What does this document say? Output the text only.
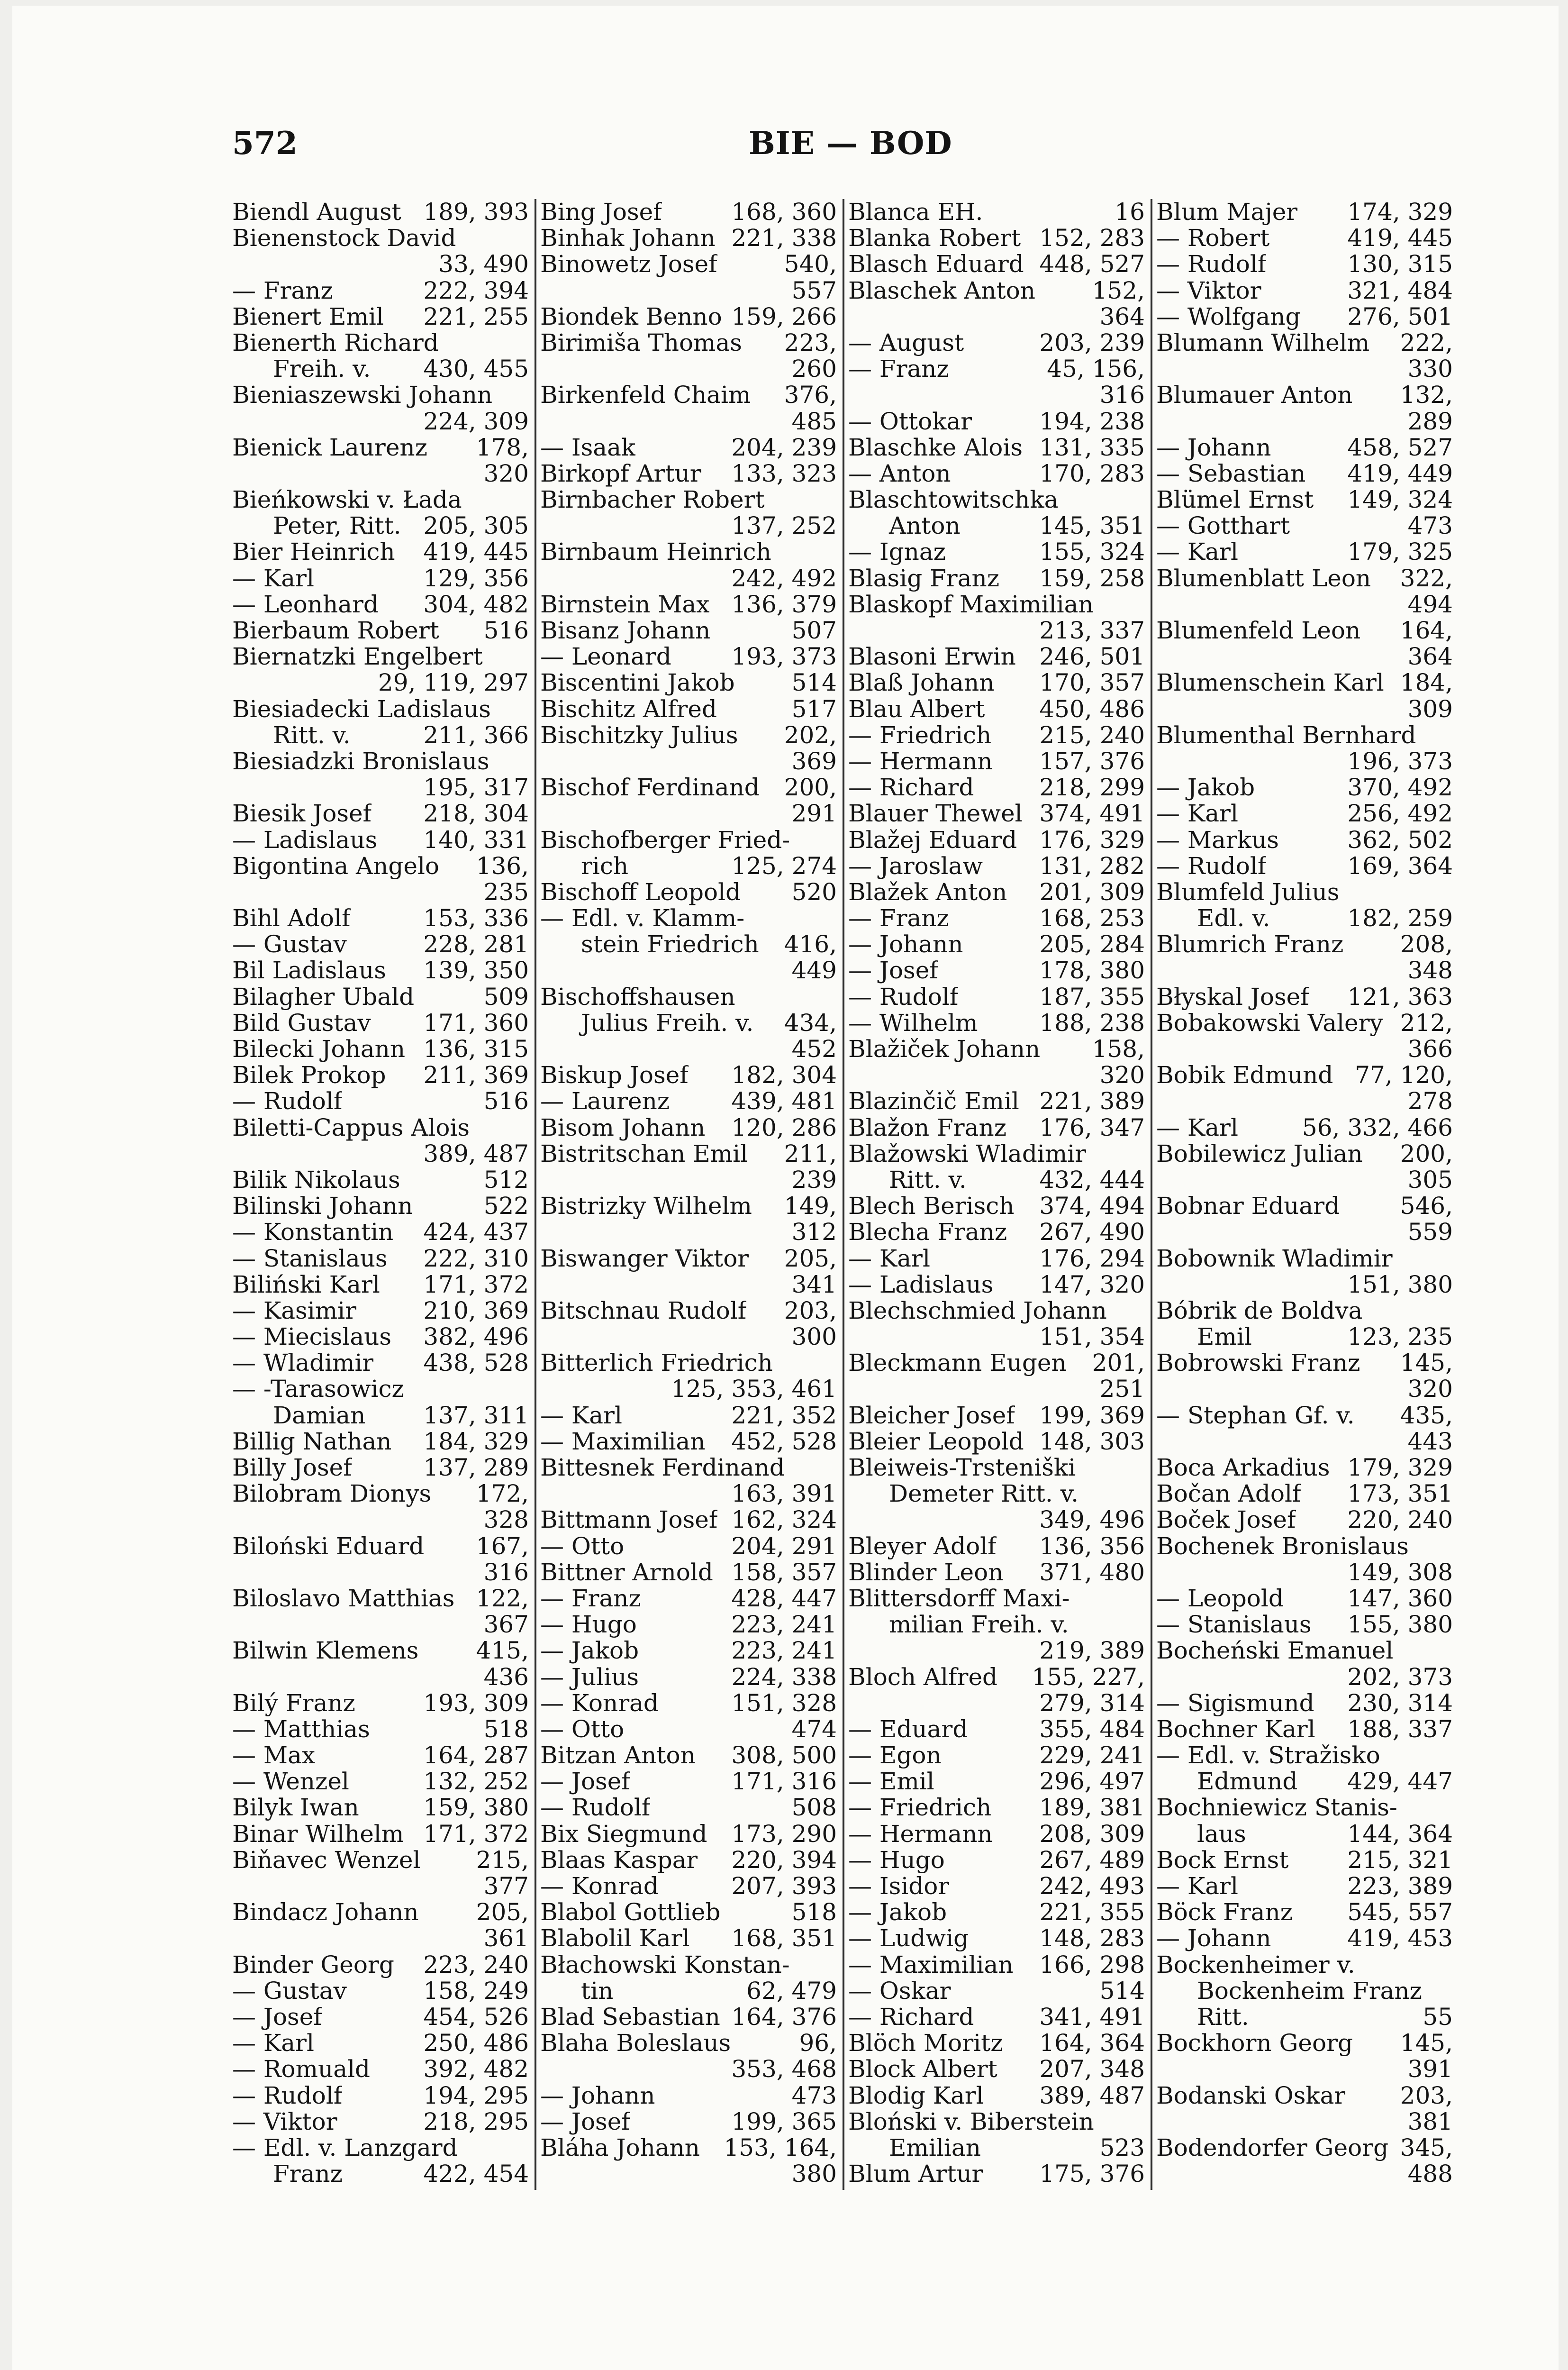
572	BIE — BOD
Biendl August 189, 393
Bienenstock David
33, 490
— Franz	222, 394
Bienert Emil 221, 255
Bienerth Richard
Freih. v. 430, 455
Bieniaszewski Johann
224, 309
Bienick Laurenz 178,
320
Bieńkowski v. Łada
Peter, Ritt. 205, 305
Bier Heinrich 419, 445
— Karl	129, 356
— Leonhard 304, 482
Bierbaum Robert 516
Biernatzki Engelbert
29, 119, 297
Biesiadecki Ladislaus
Ritt. v.	211, 366
Biesiadzki Bronislaus
195, 317
Biesik Josef 218, 304
— Ladislaus 140, 331
Bigontina Angelo 136,
235
Bihl Adolf	153, 336
— Gustav	228, 281
Bil Ladislaus 139, 350
Bilagher Ubald	509
Bild Gustav 171, 360
Bilecki Johann 136, 315
Bilek Prokop 211, 369
— Rudolf	516
Biletti-Cappus Alois
389, 487
Bilik Nikolaus	512
Bilinski Johann	522
— Konstantin 424, 437
— Stanislaus 222, 310
Biliński Karl 171, 372
— Kasimir	210, 369
— Miecislaus 382, 496
— Wladimir 438, 528
— -Tarasowicz
Damian 137, 311
Billig Nathan 184, 329
Billy Josef	137, 289
Bilobram Dionys 172,
328
Biloński Eduard 167,
316
Biloslavo Matthias 122,
367
Bilwin Klemens 415,
436
Bilý Franz	193, 309
— Matthias	518
— Max	164, 287
— Wenzel	132, 252
Bilyk Iwan	159, 380
Binar Wilhelm 171, 372
Biňavec Wenzel 215,
377
Bindacz Johann 205,
361
Binder Georg 223, 240
— Gustav	158, 249
— Josef	454, 526
— Karl	250, 486
— Romuald 392, 482
— Rudolf	194, 295
— Viktor	218, 295
— Edl. v. Lanzgard
Franz	422, 454
Bing Josef	168, 360
Binhak Johann 221, 338
Binowetz Josef	540,
557
Biondek Benno 159, 266
Birimiša Thomas 223,
260
Birkenfeld Chaim 376,
485
— Isaak	204, 239
Birkopf Artur 133, 323
Birnbacher Robert
137, 252
Birnbaum Heinrich
242, 492
Birnstein Max 136, 379
Bisanz Johann	507
— Leonard	193, 373
Biscentini Jakob 514
Bischitz Alfred	517
Bischitzky Julius 202,
369
Bischof Ferdinand 200,
291
Bischofberger Fried-
rich	125, 274
Bischoff Leopold 520
— Edl. v. Klamm-
stein Friedrich 416,
449
Bischoffshausen
Julius Freih. v. 434,
452
Biskup Josef 182, 304
— Laurenz	439, 481
Bisom Johann 120, 286
Bistritschan Emil 211,
239
Bistrizky Wilhelm 149,
312
Biswanger Viktor 205,
341
Bitschnau Rudolf 203,
300
Bitterlich Friedrich
125, 353, 461
— Karl	221, 352
— Maximilian 452, 528
Bittesnek Ferdinand
163, 391
Bittmann Josef 162, 324
— Otto	204, 291
Bittner Arnold 158, 357
— Franz	428, 447
— Hugo	223, 241
— Jakob	223, 241
— Julius	224, 338
— Konrad	151, 328
— Otto	474
Bitzan Anton 308, 500
— Josef	171, 316
— Rudolf	508
Bix Siegmund 173, 290
Blaas Kaspar 220, 394
— Konrad	207, 393
Blabol Gottlieb	518
Blabolil Karl 168, 351
Błachowski Konstan-
tin	62, 479
Blad Sebastian 164, 376
Blaha Boleslaus	96,
353, 468
— Johann	473
— Josef	199, 365
Bláha Johann 153, 164,
380
Blanca EH.	16
Blanka Robert 152, 283
Blasch Eduard 448, 527
Blaschek Anton 152,
364
— August	203, 239
— Franz	45, 156,
316
— Ottokar	194, 238
Blaschke Alois 131, 335
— Anton	170, 283
Blaschtowitschka
Anton	145, 351
— Ignaz	155, 324
Blasig Franz 159, 258
Blaskopf Maximilian
213, 337
Blasoni Erwin 246, 501
Blaß Johann 170, 357
Blau Albert 450, 486
— Friedrich 215, 240
— Hermann 157, 376
— Richard	218, 299
Blauer Thewel 374, 491
Blažej Eduard 176, 329
— Jaroslaw 131, 282
Blažek Anton 201, 309
— Franz	168, 253
— Johann	205, 284
— Josef	178, 380
— Rudolf	187, 355
— Wilhelm	188, 238
Blažiček Johann 158,
320
Blazinčič Emil 221, 389
Blažon Franz 176, 347
Blažowski Wladimir
Ritt. v.	432, 444
Blech Berisch 374, 494
Blecha Franz 267, 490
— Karl	176, 294
— Ladislaus 147, 320
Blechschmied Johann
151, 354
Bleckmann Eugen 201,
251
Bleicher Josef 199, 369
Bleier Leopold 148, 303
Bleiweis-Trsteniški
Demeter Ritt. v.
349, 496
Bleyer Adolf 136, 356
Blinder Leon 371, 480
Blittersdorff Maxi-
milian Freih. v.
219, 389
Bloch Alfred 155, 227,
279, 314
— Eduard	355, 484
— Egon	229, 241
— Emil	296, 497
— Friedrich 189, 381
— Hermann 208, 309
— Hugo	267, 489
— Isidor	242, 493
— Jakob	221, 355
— Ludwig	148, 283
— Maximilian 166, 298
— Oskar	514
— Richard	341, 491
Blöch Moritz 164, 364
Block Albert 207, 348
Blodig Karl 389, 487
Bloński v. Biberstein
Emilian	523
Blum Artur 175, 376
Blum Majer 174, 329
— Robert	419, 445
— Rudolf	130, 315
— Viktor	321, 484
— Wolfgang 276, 501
Blumann Wilhelm 222,
330
Blumauer Anton 132,
289
— Johann	458, 527
— Sebastian 419, 449
Blümel Ernst 149, 324
— Gotthart	473
— Karl	179, 325
Blumenblatt Leon 322,
494
Blumenfeld Leon 164,
364
Blumenschein Karl 184,
309
Blumenthal Bernhard
196, 373
— Jakob	370, 492
— Karl	256, 492
— Markus	362, 502
— Rudolf	169, 364
Blumfeld Julius
Edl. v.	182, 259
Blumrich Franz 208,
348
Błyskal Josef 121, 363
Bobakowski Valery 212,
366
Bobik Edmund 77, 120,
278
— Karl	56, 332, 466
Bobilewicz Julian 200,
305
Bobnar Eduard	546,
559
Bobownik Wladimir
151, 380
Bóbrik de Boldva
Emil	123, 235
Bobrowski Franz 145,
320
— Stephan Gf. v. 435,
443
Boca Arkadius 179, 329
Bočan Adolf 173, 351
Boček Josef 220, 240
Bochenek Bronislaus
149, 308
— Leopold	147, 360
— Stanislaus 155, 380
Bocheński Emanuel
202, 373
— Sigismund 230, 314
Bochner Karl 188, 337
— Edl. v. Stražisko
Edmund 429, 447
Bochniewicz Stanis-
laus	144, 364
Bock Ernst 215, 321
— Karl	223, 389
Böck Franz 545, 557
— Johann	419, 453
Bockenheimer v.
Bockenheim Franz
Ritt.	55
Bockhorn Georg 145,
391
Bodanski Oskar 203,
381
Bodendorfer Georg 345,
488
